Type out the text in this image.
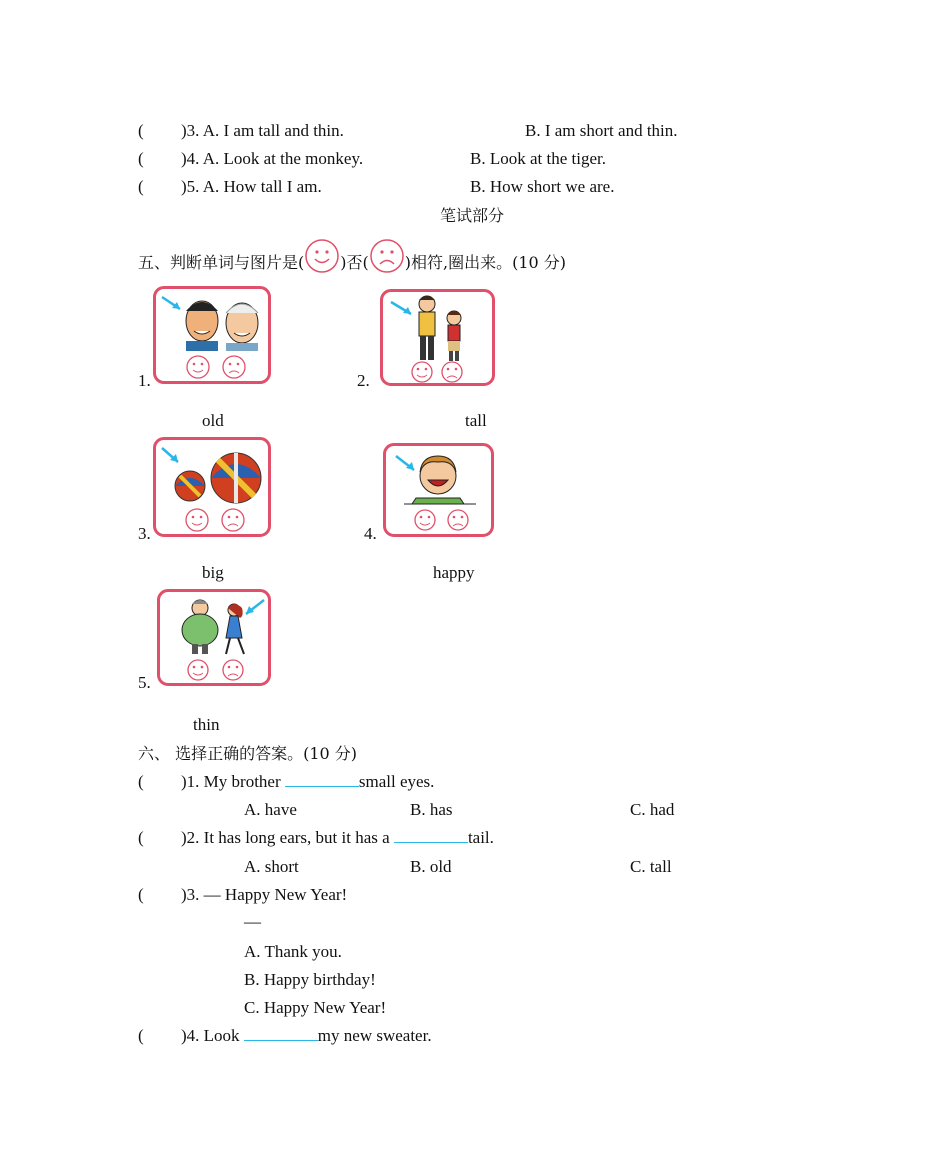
( )3. A. I am tall and thin.	B. I am short and thin.
( )4. A. Look at the monkey.	B. Look at the tiger.
( )5. A. How tall I am.	B. How short we are.
笔试部分
五、判断单词与图片是( )否( )相符,圈出来。(10 分)
1.
old
2.
tall
3.
big
4.
happy
5.
thin
六、 选择正确的答案。(10 分)
( )1. My brother	small eyes.
A. have	B. has	C. had
( )2. It has long ears, but it has a	tail.
A. short	B. old	C. tall
( )3. — Happy New Year!
—
A. Thank you.
B. Happy birthday!
C. Happy New Year!
( )4. Look	my new sweater.
